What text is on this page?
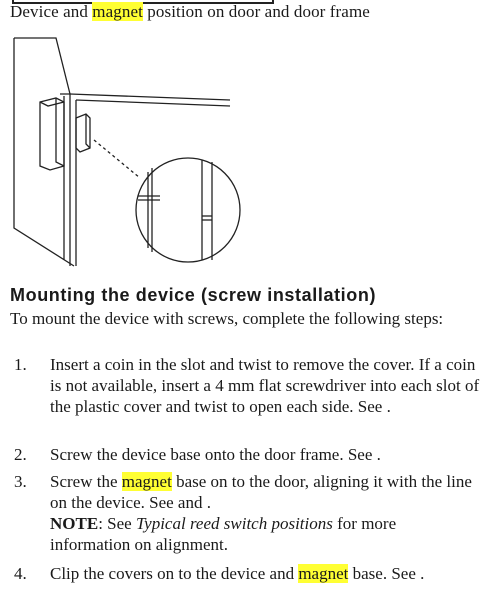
Device and magnet position on door and door frame
Mounting the device (screw installation)
To mount the device with screws, complete the following steps:
1. Insert a coin in the slot and twist to remove the cover. If a coin is not available, insert a 4 mm flat screwdriver into each slot of the plastic cover and twist to open each side. See .
2. Screw the device base onto the door frame. See .
3. Screw the magnet base on to the door, aligning it with the line on the device. See and .
NOTE: See Typical reed switch positions for more information on alignment.
4. Clip the covers on to the device and magnet base. See .
